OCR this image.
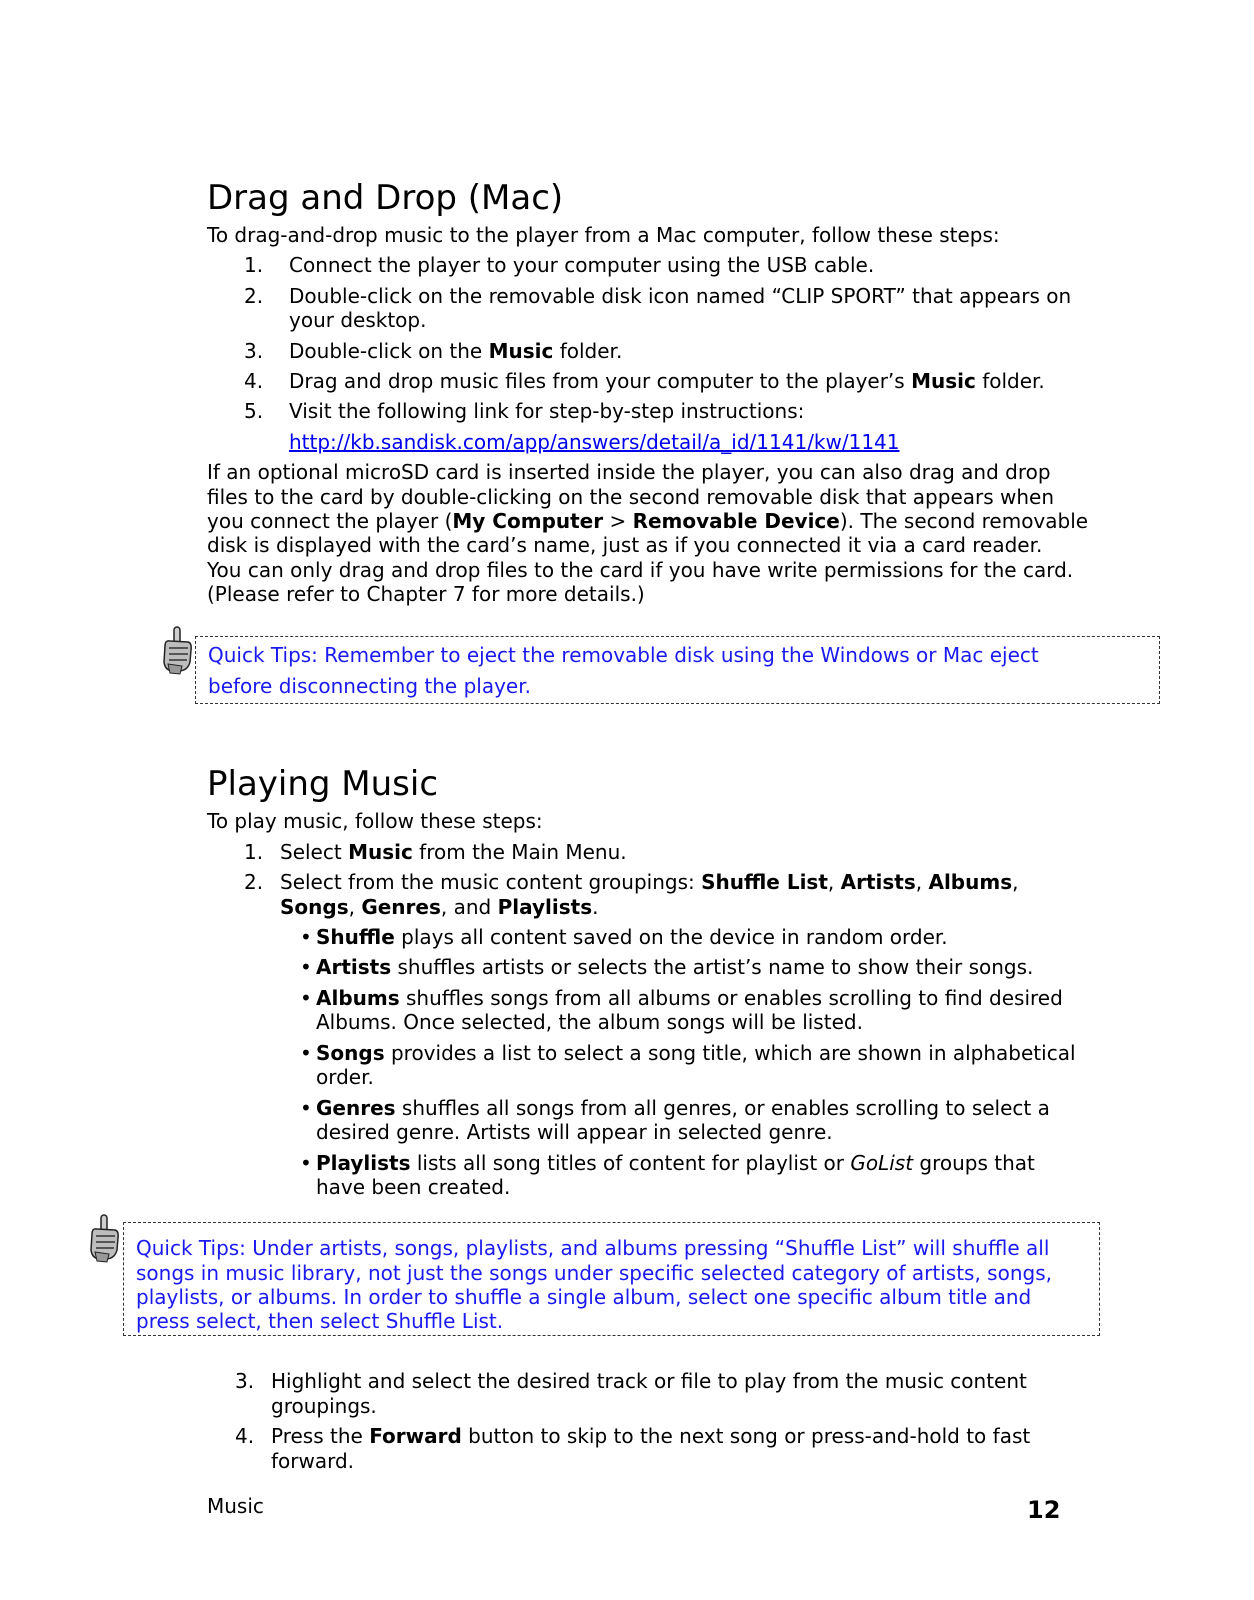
Drag and Drop (Mac)

To drag-and-drop music to the player from a Mac computer, follow these steps:

1. Connect the player to your computer using the USB cable.
2. Double-click on the removable disk icon named “CLIP SPORT” that appears on
your desktop.
3. Double-click on the Music folder.
4. Drag and drop music files from your computer to the player’s Music folder.
5. Visit the following link for step-by-step instructions:
http://kb.sandisk.com/app/answers/detail/a_id/1141/kw/1141

If an optional microSD card is inserted inside the player, you can also drag and drop

files to the card by double-clicking on the second removable disk that appears when

you connect the player (My Computer > Removable Device). The second removable

disk is displayed with the card’s name, just as if you connected it via a card reader.

You can only drag and drop files to the card if you have write permissions for the card.

(Please refer to Chapter 7 for more details.)

Quick Tips: Remember to eject the removable disk using the Windows or Mac eject
before disconnecting the player.
Playing Music

To play music, follow these steps:

1. Select Music from the Main Menu.
2. Select from the music content groupings: Shuffle List, Artists, Albums,
Songs, Genres, and Playlists.
• Shuffle plays all content saved on the device in random order.
• Artists shuffles artists or selects the artist’s name to show their songs.
• Albums shuffles songs from all albums or enables scrolling to find desired
Albums. Once selected, the album songs will be listed.
• Songs provides a list to select a song title, which are shown in alphabetical
order.
• Genres shuffles all songs from all genres, or enables scrolling to select a
desired genre. Artists will appear in selected genre.
• Playlists lists all song titles of content for playlist or GoList groups that
have been created.
Quick Tips: Under artists, songs, playlists, and albums pressing “Shuffle List” will shuffle all
songs in music library, not just the songs under specific selected category of artists, songs,
playlists, or albums. In order to shuffle a single album, select one specific album title and
press select, then select Shuffle List.
3. Highlight and select the desired track or file to play from the music content
groupings.
4. Press the Forward button to skip to the next song or press-and-hold to fast
forward.
Music	12
